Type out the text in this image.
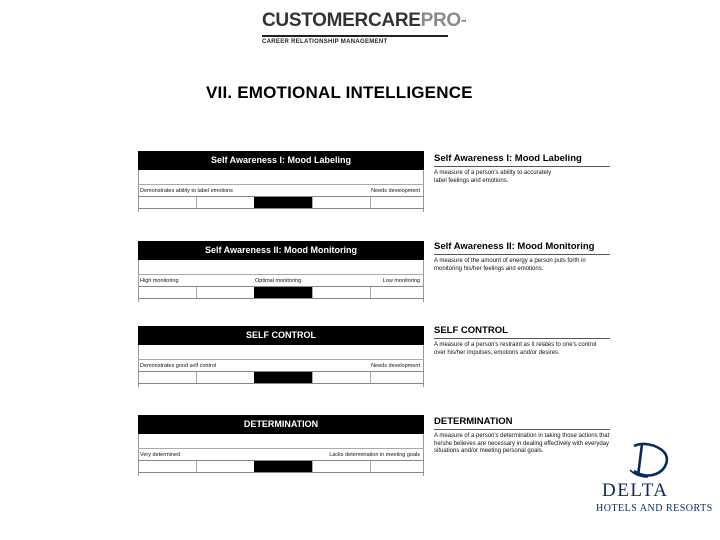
CUSTOMERCAREPRO™
CAREER RELATIONSHIP MANAGEMENT
VII. EMOTIONAL INTELLIGENCE
Self Awareness I: Mood Labeling
Demonstrates ability to label emotions	Needs development
Self Awareness II: Mood Monitoring
High monitoring	Optimal monitoring	Low monitoring
SELF CONTROL
Demonstrates good self control	Needs development
DETERMINATION
Very determined	Lacks determination in meeting goals
Self Awareness I: Mood Labeling
A measure of a person's ability to accurately label feelings and emotions.
Self Awareness II: Mood Monitoring
A measure of the amount of energy a person puts forth in monitoring his/her feelings and emotions.
SELF CONTROL
A measure of a person's restraint as it relates to one's control over his/her impulses, emotions and/or desires.
DETERMINATION
A measure of a person's determination in taking those actions that he/she believes are necessary in dealing effectively with everyday situations and/or meeting personal goals.
DELTA
HOTELS AND RESORTS
